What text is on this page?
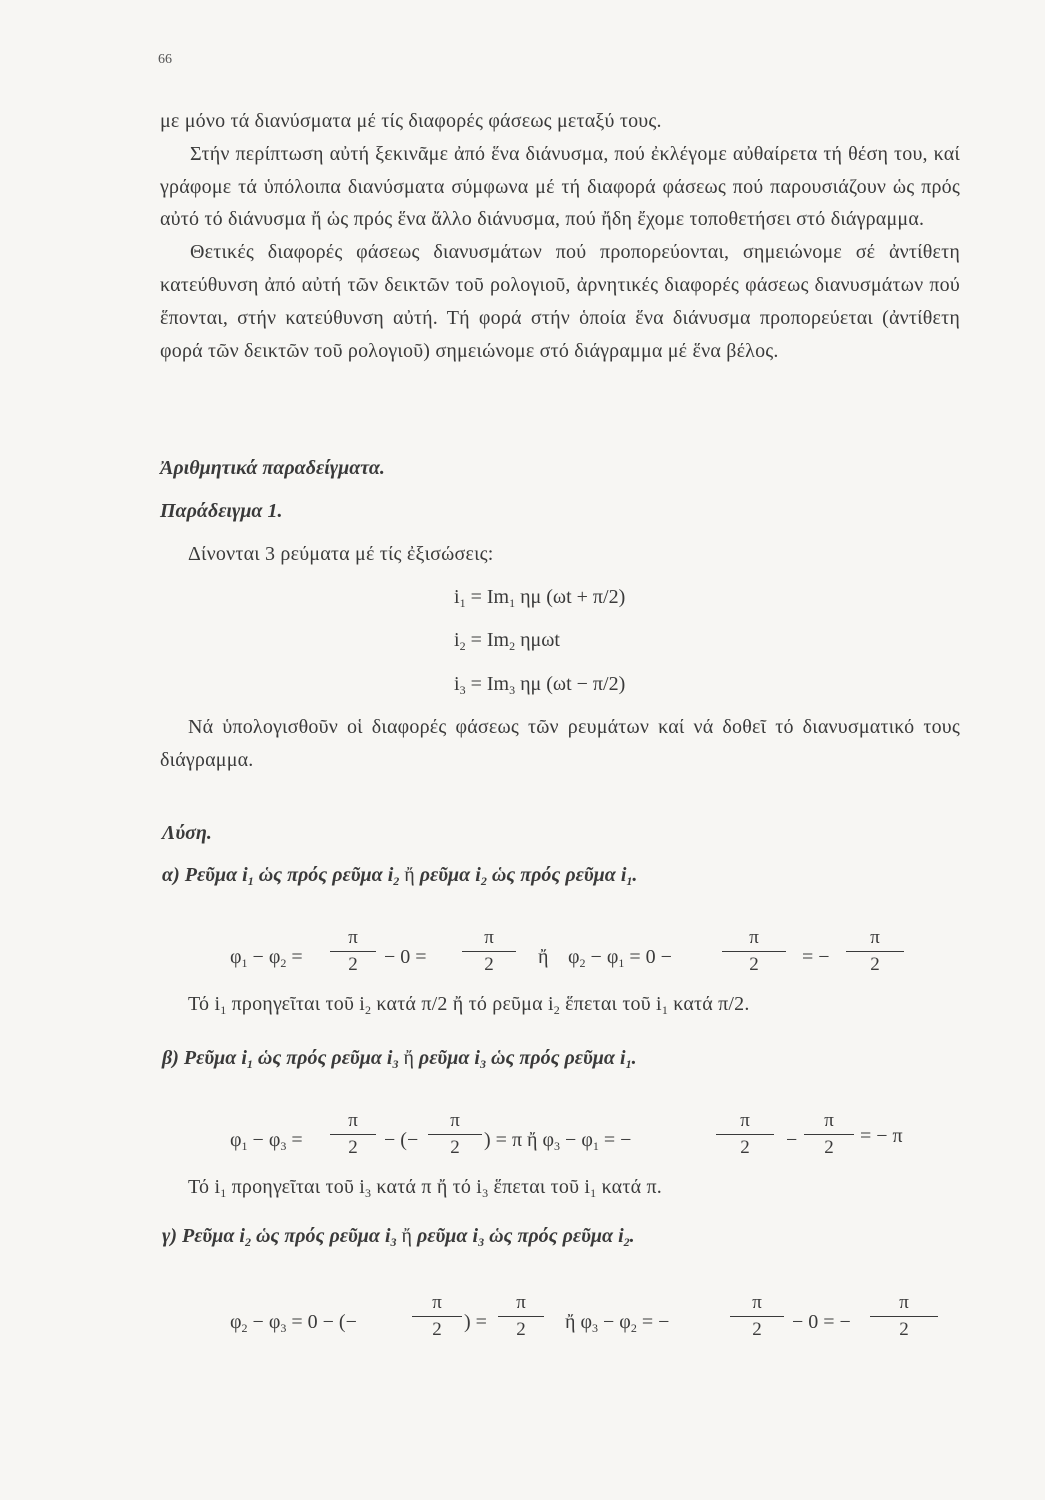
66

με μόνο τά διανύσματα μέ τίς διαφορές φάσεως μεταξύ τους.

Στήν περίπτωση αὐτή ξεκινᾶμε ἀπό ἕνα διάνυσμα, πού ἐκλέγομε αὐθαίρετα τή θέση του, καί γράφομε τά ὑπόλοιπα διανύσματα σύμφωνα μέ τή διαφορά φάσεως πού παρουσιάζουν ὡς πρός αὐτό τό διάνυσμα ἤ ὡς πρός ἕνα ἄλλο διάνυσμα, πού ἤδη ἔχομε τοποθετήσει στό διάγραμμα.

Θετικές διαφορές φάσεως διανυσμάτων πού προπορεύονται, σημειώνομε σέ ἀντίθετη κατεύθυνση ἀπό αὐτή τῶν δεικτῶν τοῦ ρολογιοῦ, ἀρνητικές διαφορές φάσεως διανυσμάτων πού ἕπονται, στήν κατεύθυνση αὐτή. Τή φορά στήν ὁποία ἕνα διάνυσμα προπορεύεται (ἀντίθετη φορά τῶν δεικτῶν τοῦ ρολογιοῦ) σημειώνομε στό διάγραμμα μέ ἕνα βέλος.

Ἀριθμητικά παραδείγματα.
Παράδειγμα 1.
Δίνονται 3 ρεύματα μέ τίς ἐξισώσεις:
$i_1 = Im_1$ ημ (ωt + π/2)
$i_2 = Im_2$ ημωt
$i_3 = Im_3$ ημ (ωt − π/2)
Νά ὑπολογισθοῦν οἱ διαφορές φάσεως τῶν ρευμάτων καί νά δοθεῖ τό διανυσματικό τους διάγραμμα.
Λύση.
α) Ρεῦμα $i_1$ ὡς πρός ρεῦμα $i_2$ ἤ ρεῦμα $i_2$ ὡς πρός ρεῦμα $i_1$.
$\varphi_1 - \varphi_2$ =
π
2	− 0 =
π
2	ἤ $\varphi_2 - \varphi_1 = 0$ −
π
2	= −
π
2
Τό $i_1$ προηγεῖται τοῦ $i_2$ κατά π/2 ἤ τό ρεῦμα $i_2$ ἕπεται τοῦ $i_1$ κατά π/2.
β) Ρεῦμα $i_1$ ὡς πρός ρεῦμα $i_3$ ἤ ρεῦμα $i_3$ ὡς πρός ρεῦμα $i_1$.
$\varphi_1 - \varphi_3$ =
π
2	− (−
π
2	) = π ἤ $\varphi_3 - \varphi_1$ = −
π
2	−
π
2
= − π
Τό $i_1$ προηγεῖται τοῦ $i_3$ κατά π ἤ τό $i_3$ ἕπεται τοῦ $i_1$ κατά π.
γ) Ρεῦμα $i_2$ ὡς πρός ρεῦμα $i_3$ ἤ ρεῦμα $i_3$ ὡς πρός ρεῦμα $i_2$.
$\varphi_2 - \varphi_3 = 0$ − (−
π
2	) =
π
2	ἤ $\varphi_3 - \varphi_2$ = −
π
2	− 0 = −
π
2
